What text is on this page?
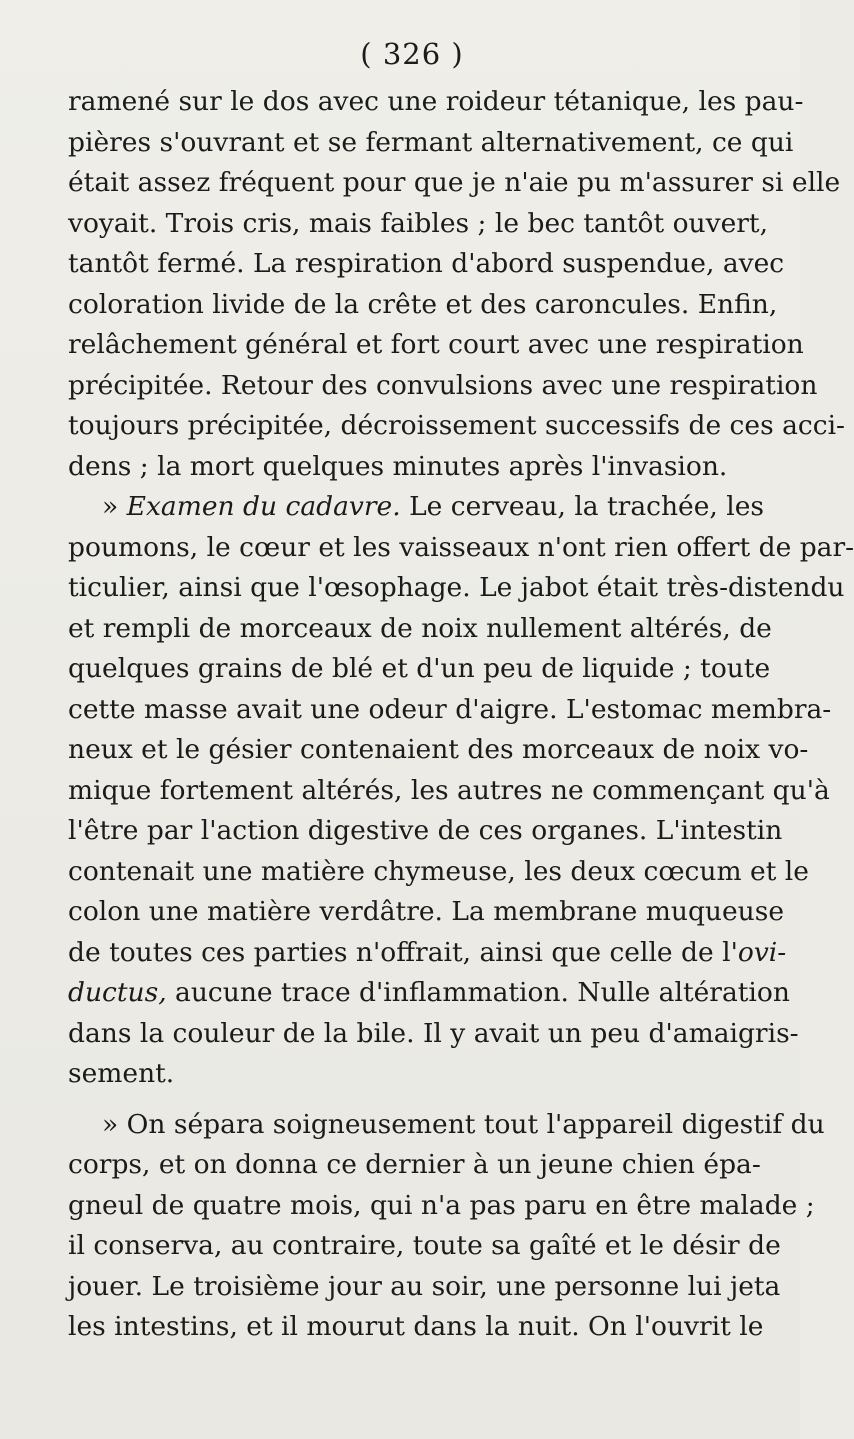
( 326 )
ramené sur le dos avec une roideur tétanique, les pau-
pières s'ouvrant et se fermant alternativement, ce qui
était assez fréquent pour que je n'aie pu m'assurer si elle
voyait. Trois cris, mais faibles ; le bec tantôt ouvert,
tantôt fermé. La respiration d'abord suspendue, avec
coloration livide de la crête et des caroncules. Enfin,
relâchement général et fort court avec une respiration
précipitée. Retour des convulsions avec une respiration
toujours précipitée, décroissement successifs de ces acci-
dens ; la mort quelques minutes après l'invasion.
» Examen du cadavre. Le cerveau, la trachée, les
poumons, le cœur et les vaisseaux n'ont rien offert de par-
ticulier, ainsi que l'œsophage. Le jabot était très-distendu
et rempli de morceaux de noix nullement altérés, de
quelques grains de blé et d'un peu de liquide ; toute
cette masse avait une odeur d'aigre. L'estomac membra-
neux et le gésier contenaient des morceaux de noix vo-
mique fortement altérés, les autres ne commençant qu'à
l'être par l'action digestive de ces organes. L'intestin
contenait une matière chymeuse, les deux cœcum et le
colon une matière verdâtre. La membrane muqueuse
de toutes ces parties n'offrait, ainsi que celle de l'ovi-
ductus, aucune trace d'inflammation. Nulle altération
dans la couleur de la bile. Il y avait un peu d'amaigris-
sement.
» On sépara soigneusement tout l'appareil digestif du
corps, et on donna ce dernier à un jeune chien épa-
gneul de quatre mois, qui n'a pas paru en être malade ;
il conserva, au contraire, toute sa gaîté et le désir de
jouer. Le troisième jour au soir, une personne lui jeta
les intestins, et il mourut dans la nuit. On l'ouvrit le
